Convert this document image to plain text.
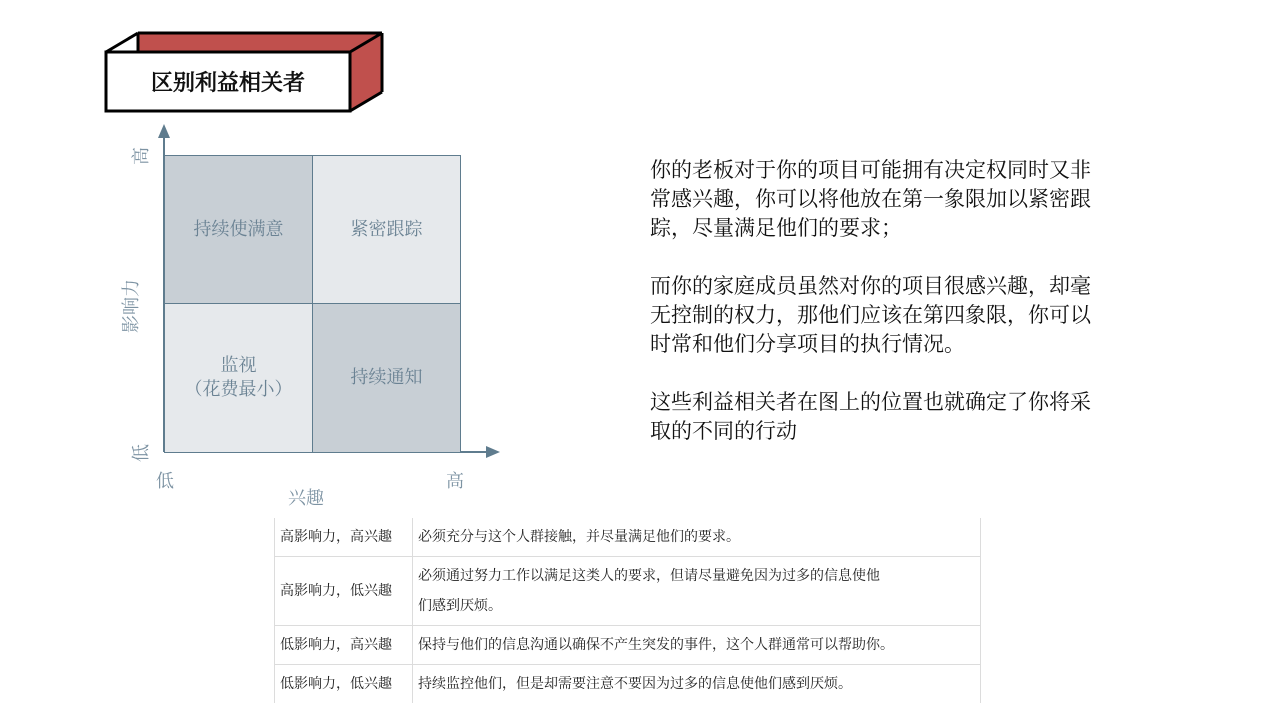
区别利益相关者
持续使满意	紧密跟踪
监视
（花费最小）
持续通知
高
影响力
低
低	高
兴趣

你的老板对于你的项目可能拥有决定权同时又非常感兴趣，你可以将他放在第一象限加以紧密跟踪，尽量满足他们的要求；

而你的家庭成员虽然对你的项目很感兴趣，却毫无控制的权力，那他们应该在第四象限，你可以时常和他们分享项目的执行情况。

这些利益相关者在图上的位置也就确定了你将采取的不同的行动

高影响力，高兴趣	必须充分与这个人群接触，并尽量满足他们的要求。
高影响力，低兴趣	必须通过努力工作以满足这类人的要求，但请尽量避免因为过多的信息使他们感到厌烦。
低影响力，高兴趣	保持与他们的信息沟通以确保不产生突发的事件，这个人群通常可以帮助你。
低影响力，低兴趣	持续监控他们，但是却需要注意不要因为过多的信息使他们感到厌烦。
